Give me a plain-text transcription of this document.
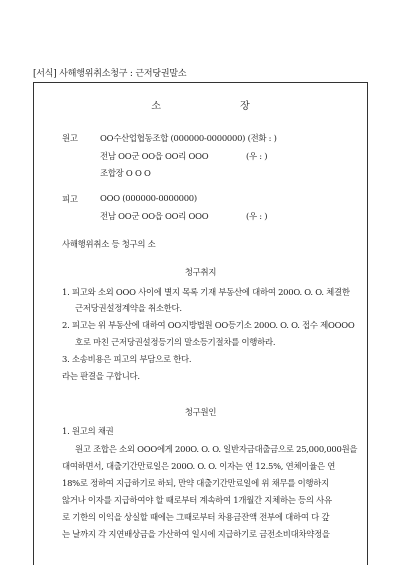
[서식] 사해행위취소청구 : 근저당권말소
소 장
원고	OO수산업협동조합 (000000-0000000) (전화 : )
전남 OO군 OO읍 OO리 OOO	(우 : )
조합장 O O O
피고	OOO (000000-0000000)
전남 OO군 OO읍 OO리 OOO	(우 : )
사해행위취소 등 청구의 소
청구취지
1. 피고와 소외 OOO 사이에 별지 목록 기재 부동산에 대하여 200O. O. O. 체결한
근저당권설정계약을 취소한다.
2. 피고는 위 부동산에 대하여 OO지방법원 OO등기소 200O. O. O. 접수 제OOOO
호로 마친 근저당권설정등기의 말소등기절차를 이행하라.
3. 소송비용은 피고의 부담으로 한다.
라는 판결을 구합니다.
청구원인
1. 원고의 채권
원고 조합은 소외 OOO에게 200O. O. O. 일반자금대출금으로 25,000,000원을
대여하면서, 대출기간만료일은 200O. O. O. 이자는 연 12.5%, 연체이율은 연
18%로 정하여 지급하기로 하되, 만약 대출기간만료일에 위 채무를 이행하지
않거나 이자를 지급하여야 할 때로부터 계속하여 1개월간 지체하는 등의 사유
로 기한의 이익을 상실할 때에는 그때로부터 차용금잔액 전부에 대하여 다 갚
는 날까지 각 지연배상금을 가산하여 일시에 지급하기로 금전소비대차약정을
